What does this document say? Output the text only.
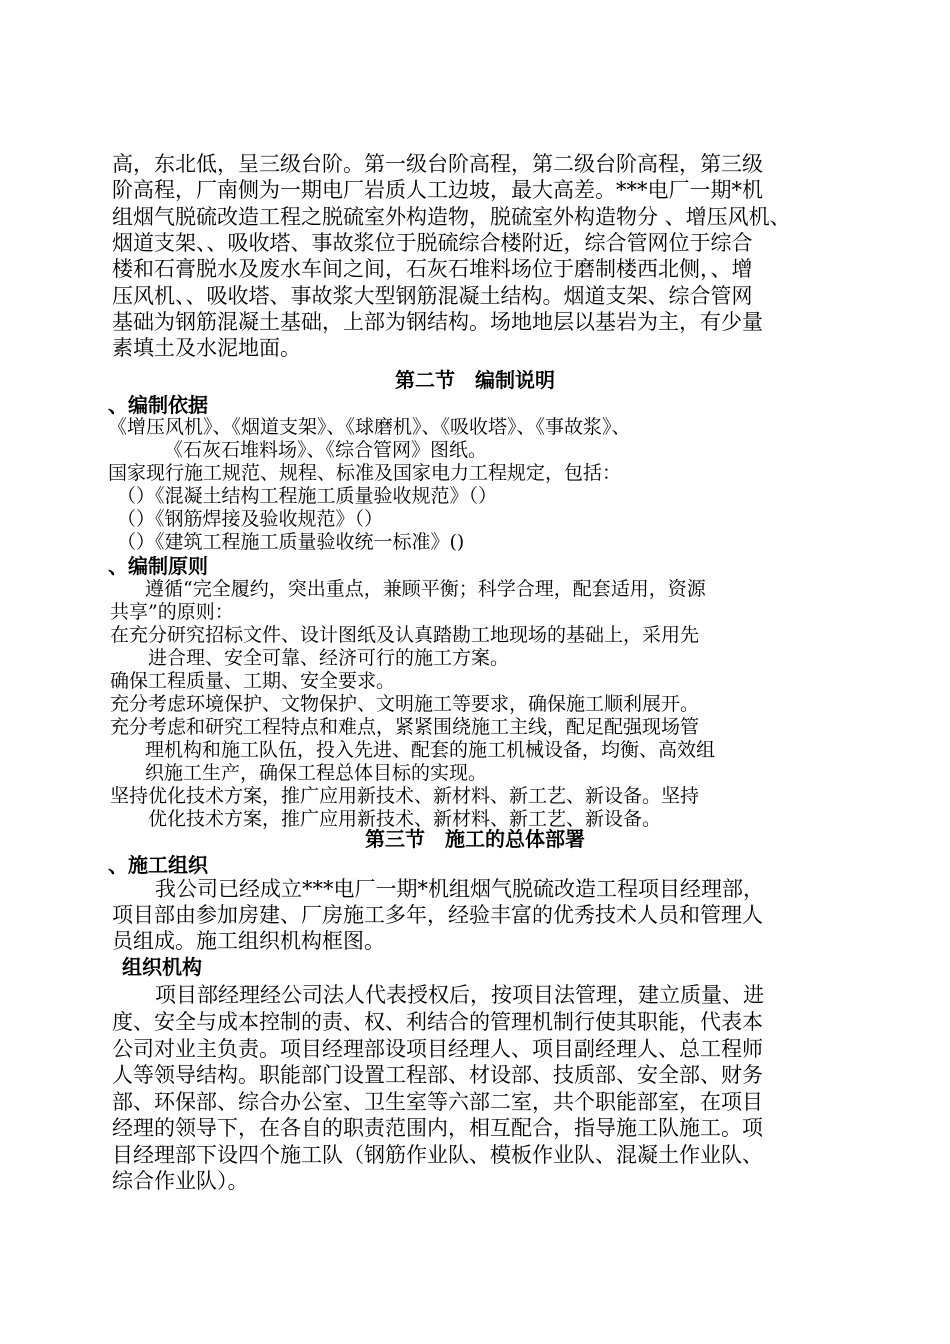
高，东北低，呈三级台阶。第一级台阶高程，第二级台阶高程，第三级
阶高程，厂南侧为一期电厂岩质人工边坡，最大高差。***电厂一期*机
组烟气脱硫改造工程之脱硫室外构造物，脱硫室外构造物分 、增压风机、
烟道支架、、吸收塔、事故浆位于脱硫综合楼附近，综合管网位于综合
楼和石膏脱水及废水车间之间，石灰石堆料场位于磨制楼西北侧，、增
压风机、、吸收塔、事故浆大型钢筋混凝土结构。烟道支架、综合管网
基础为钢筋混凝土基础，上部为钢结构。场地地层以基岩为主，有少量
素填土及水泥地面。
第二节　编制说明
、编制依据
《增压风机》、《烟道支架》、《球磨机》、《吸收塔》、《事故浆》、
《石灰石堆料场》、《综合管网》图纸。
国家现行施工规范、规程、标准及国家电力工程规定，包括：
（）《混凝土结构工程施工质量验收规范》（）
（）《钢筋焊接及验收规范》（）
（）《建筑工程施工质量验收统一标准》()
、编制原则
遵循“完全履约，突出重点，兼顾平衡；科学合理，配套适用，资源
共享”的原则：
在充分研究招标文件、设计图纸及认真踏勘工地现场的基础上，采用先
进合理、安全可靠、经济可行的施工方案。
确保工程质量、工期、安全要求。
充分考虑环境保护、文物保护、文明施工等要求，确保施工顺利展开。
充分考虑和研究工程特点和难点，紧紧围绕施工主线，配足配强现场管
理机构和施工队伍，投入先进、配套的施工机械设备，均衡、高效组
织施工生产，确保工程总体目标的实现。
坚持优化技术方案，推广应用新技术、新材料、新工艺、新设备。坚持
优化技术方案，推广应用新技术、新材料、新工艺、新设备。
第三节　施工的总体部署
、施工组织
我公司已经成立***电厂一期*机组烟气脱硫改造工程项目经理部，
项目部由参加房建、厂房施工多年，经验丰富的优秀技术人员和管理人
员组成。施工组织机构框图。
组织机构
项目部经理经公司法人代表授权后，按项目法管理，建立质量、进
度、安全与成本控制的责、权、利结合的管理机制行使其职能，代表本
公司对业主负责。项目经理部设项目经理人、项目副经理人、总工程师
人等领导结构。职能部门设置工程部、材设部、技质部、安全部、财务
部、环保部、综合办公室、卫生室等六部二室，共个职能部室，在项目
经理的领导下，在各自的职责范围内，相互配合，指导施工队施工。项
目经理部下设四个施工队（钢筋作业队、模板作业队、混凝土作业队、
综合作业队）。
